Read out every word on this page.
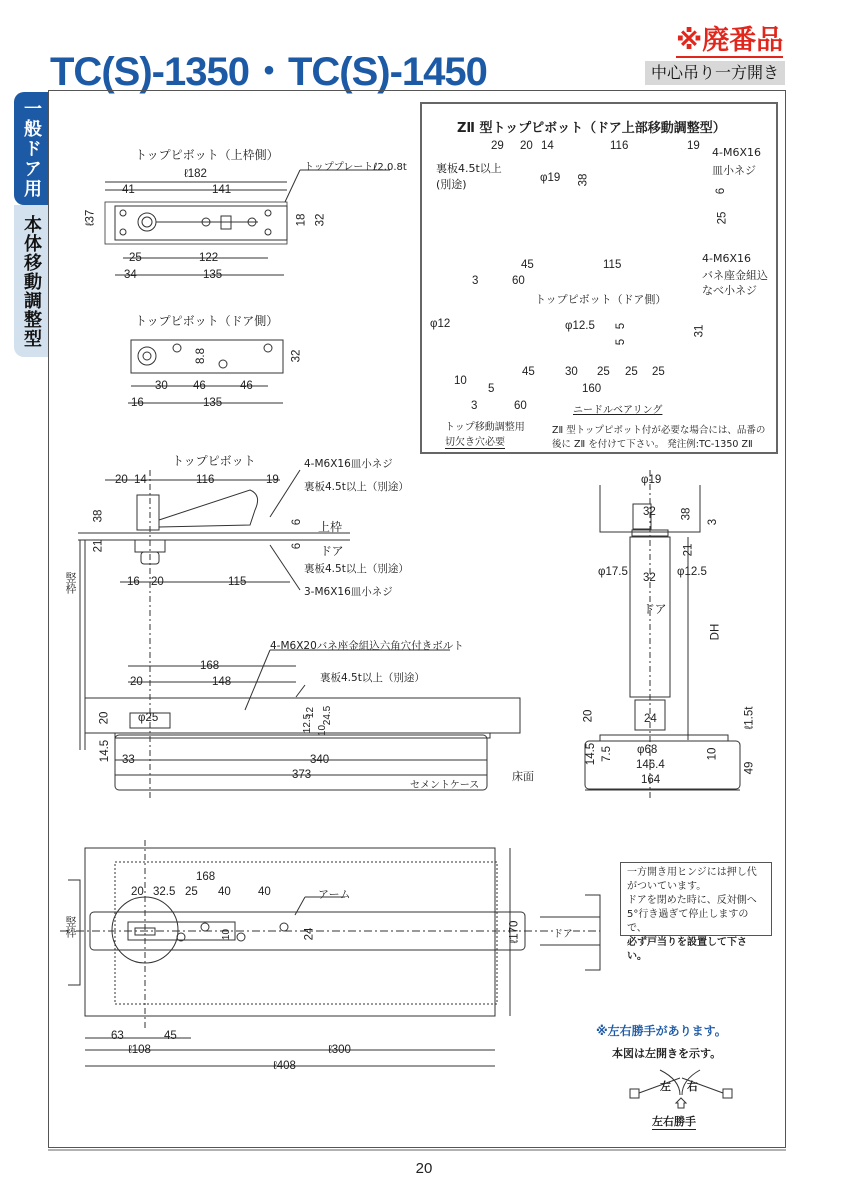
TC(S)-1350・TC(S)-1450
※廃番品
中心吊り一方開き
一般ドア用
本体移動調整型
トップピボット（上枠側）
トッププレートℓ2.0.8t
ℓ182
41	141
ℓ37	18 32
25	122
34	135
トップピボット（ドア側）
8.8	32
30 46	46
16	135
ZⅡ 型トップピボット（ドア上部移動調整型）
29 20 14	116	19
φ19 38
6
25
裏板4.5t以上
(別途)
4-M6X16
皿小ネジ
4-M6X16
バネ座金組込
なべ小ネジ
45	115
3	60
トップピボット（ドア側）
φ12	φ12.5
10
5
5
31
45	30 25 25 25
5	160
3	60	ニードルベアリング
トップ移動調整用
切欠き穴必要
ZⅡ 型トップピボット付が必要な場合には、品番の
後に ZⅡ を付けて下さい。 発注例:TC-1350 ZⅡ
トップピボット
20 14	116	19
38
21
6
6
上枠
ドア
竪枠
4-M6X16皿小ネジ
裏板4.5t以上（別途）
裏板4.5t以上（別途）
3-M6X16皿小ネジ
16 20	115
4-M6X20バネ座金組込六角穴付きボルト
168
20	148	裏板4.5t以上（別途）
20 φ25	12.5
12
10
24.5
14.5 33	340
373
セメントケース
床面
φ19
32 38
3
21
φ17.5	φ12.5
32
ドア
DH
20	24	ℓ1.5t
14.5 7.5 φ68	10
146.4
164
49
竪枠
168
20 32.5 25 40 40	アーム
10	24	ℓ170	ドア
63	45
ℓ108	ℓ300
ℓ408
一方開き用ヒンジには押し代
がついています。
ドアを閉めた時に、反対側へ
5°行き過ぎて停止しますので、
必ず戸当りを設置して下さい。
※左右勝手があります。
本図は左開きを示す。
左 右
左右勝手
20
